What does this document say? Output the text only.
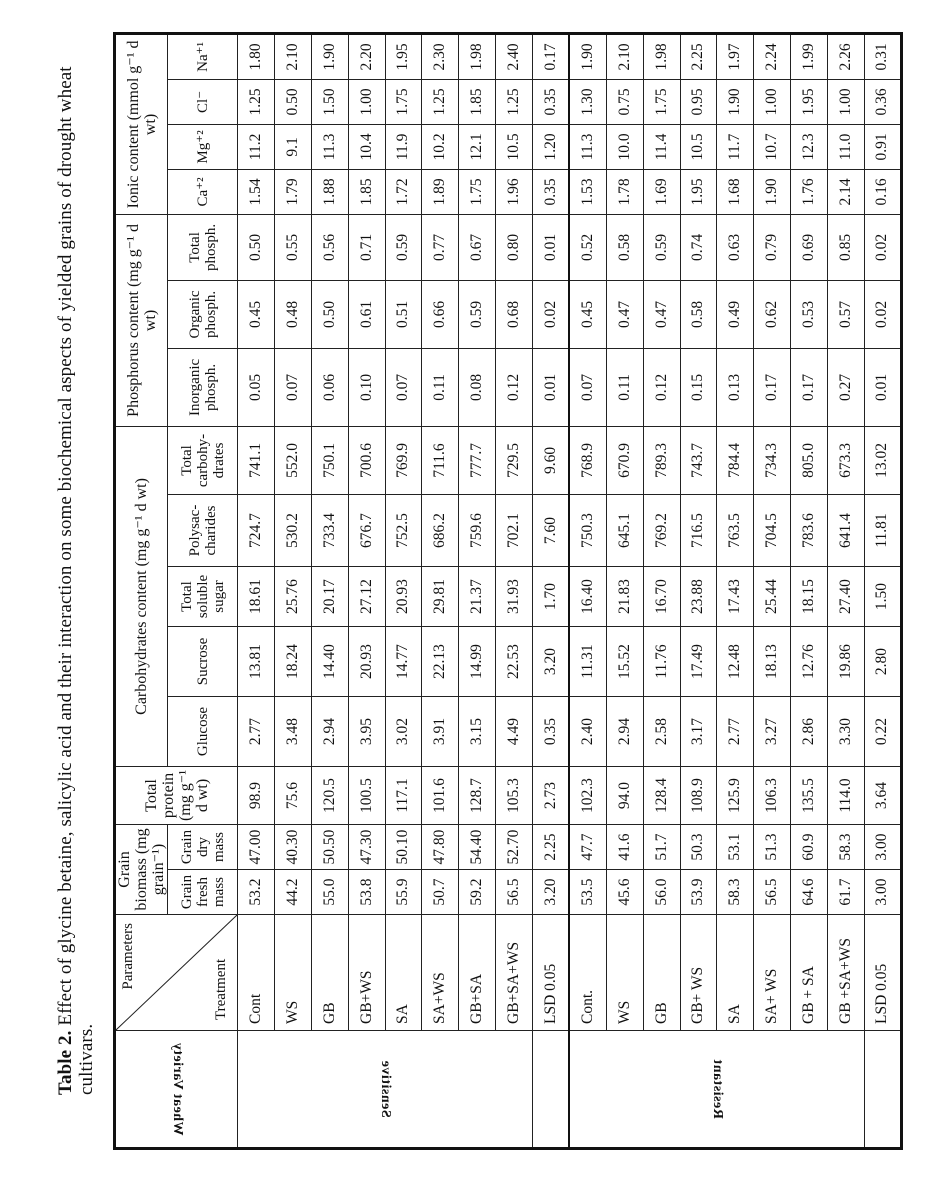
Table 2. Effect of glycine betaine, salicylic acid and their interaction on some biochemical aspects of yielded grains of drought wheat cultivars.	Wheat Variety	Parameters Treatment	Grain biomass (mg grain⁻¹)		Total protein (mg g⁻¹ d wt)	Carbohydrates content (mg g⁻¹ d wt)					Phosphorus content (mg g⁻¹ d wt)			Ionic content (mmol g⁻¹ d wt)			
		Grain fresh mass	Grain dry mass		Glucose	Sucrose	Total soluble sugar	Polysac-charides	Total carbohy-drates	Inorganic phosph.	Organic phosph.	Total phosph.	Ca⁺²	Mg⁺²	Cl⁻	Na⁺¹

Sensitive	Cont	53.2	47.00	98.9	2.77	13.81	18.61	724.7	741.1	0.05	0.45	0.50	1.54	11.2	1.25	1.80
	WS	44.2	40.30	75.6	3.48	18.24	25.76	530.2	552.0	0.07	0.48	0.55	1.79	9.1	0.50	2.10
	GB	55.0	50.50	120.5	2.94	14.40	20.17	733.4	750.1	0.06	0.50	0.56	1.88	11.3	1.50	1.90
	GB+WS	53.8	47.30	100.5	3.95	20.93	27.12	676.7	700.6	0.10	0.61	0.71	1.85	10.4	1.00	2.20
	SA	55.9	50.10	117.1	3.02	14.77	20.93	752.5	769.9	0.07	0.51	0.59	1.72	11.9	1.75	1.95
	SA+WS	50.7	47.80	101.6	3.91	22.13	29.81	686.2	711.6	0.11	0.66	0.77	1.89	10.2	1.25	2.30
	GB+SA	59.2	54.40	128.7	3.15	14.99	21.37	759.6	777.7	0.08	0.59	0.67	1.75	12.1	1.85	1.98
	GB+SA+WS	56.5	52.70	105.3	4.49	22.53	31.93	702.1	729.5	0.12	0.68	0.80	1.96	10.5	1.25	2.40
	LSD 0.05	3.20	2.25	2.73	0.35	3.20	1.70	7.60	9.60	0.01	0.02	0.01	0.35	1.20	0.35	0.17

Resistant	Cont.	53.5	47.7	102.3	2.40	11.31	16.40	750.3	768.9	0.07	0.45	0.52	1.53	11.3	1.30	1.90
	WS	45.6	41.6	94.0	2.94	15.52	21.83	645.1	670.9	0.11	0.47	0.58	1.78	10.0	0.75	2.10
	GB	56.0	51.7	128.4	2.58	11.76	16.70	769.2	789.3	0.12	0.47	0.59	1.69	11.4	1.75	1.98
	GB+ WS	53.9	50.3	108.9	3.17	17.49	23.88	716.5	743.7	0.15	0.58	0.74	1.95	10.5	0.95	2.25
	SA	58.3	53.1	125.9	2.77	12.48	17.43	763.5	784.4	0.13	0.49	0.63	1.68	11.7	1.90	1.97
	SA+ WS	56.5	51.3	106.3	3.27	18.13	25.44	704.5	734.3	0.17	0.62	0.79	1.90	10.7	1.00	2.24
	GB + SA	64.6	60.9	135.5	2.86	12.76	18.15	783.6	805.0	0.17	0.53	0.69	1.76	12.3	1.95	1.99
	GB +SA+WS	61.7	58.3	114.0	3.30	19.86	27.40	641.4	673.3	0.27	0.57	0.85	2.14	11.0	1.00	2.26
	LSD 0.05	3.00	3.00	3.64	0.22	2.80	1.50	11.81	13.02	0.01	0.02	0.02	0.16	0.91	0.36	0.31
